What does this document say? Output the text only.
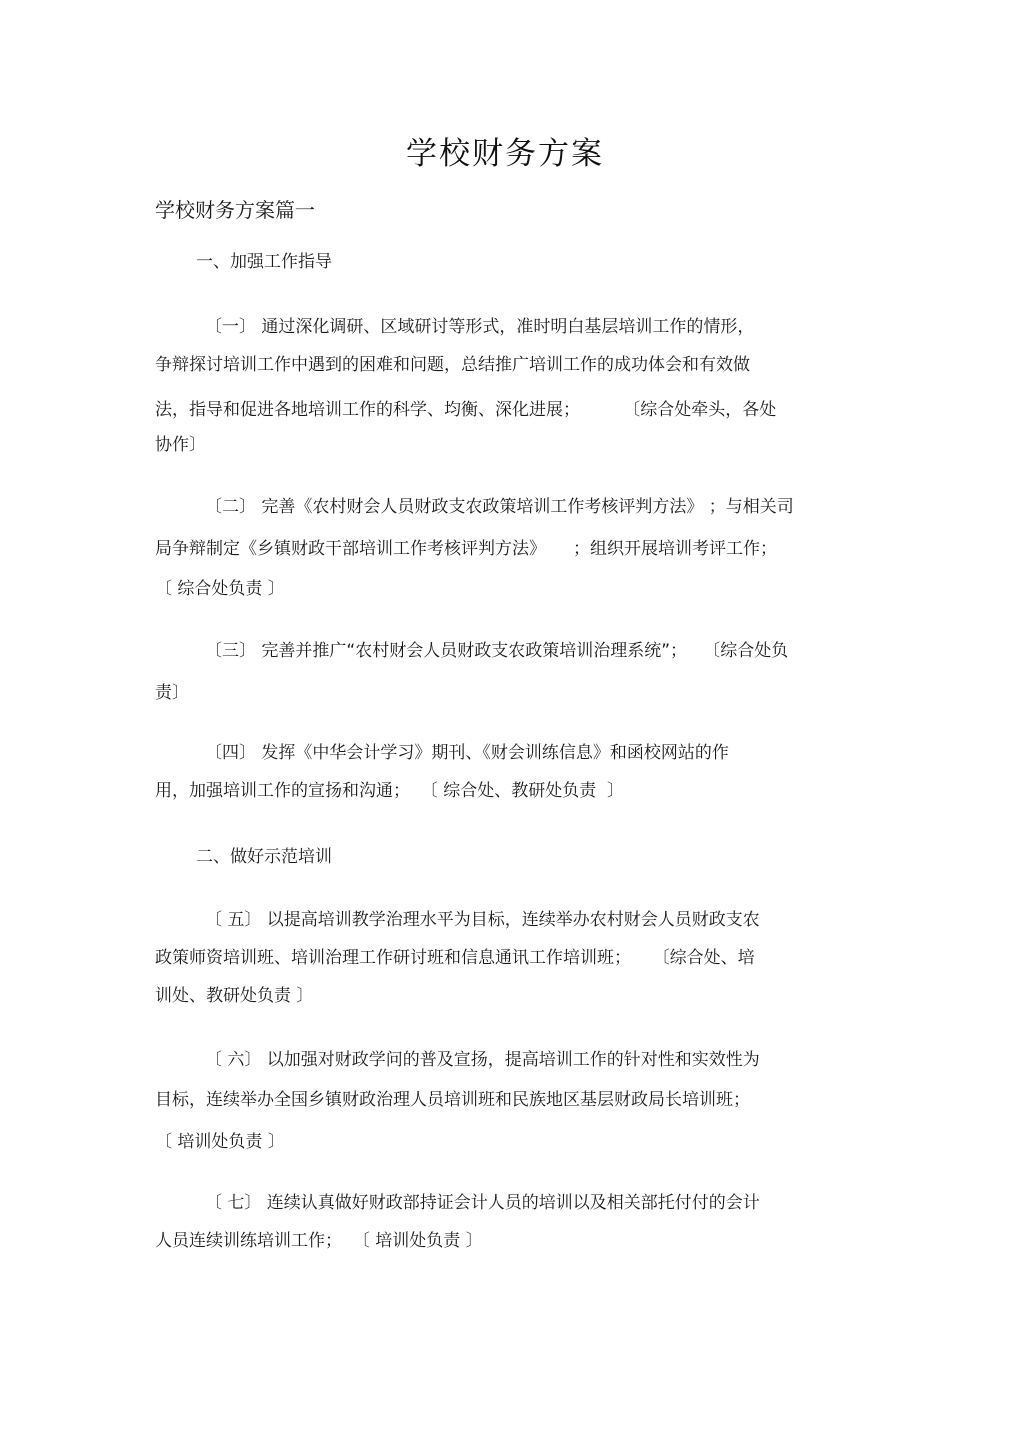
学校财务方案
学校财务方案篇一
一、加强工作指导
〔一〕 通过深化调研、区域研讨等形式，准时明白基层培训工作的情形，
争辩探讨培训工作中遇到的困难和问题，总结推广培训工作的成功体会和有效做
法，指导和促进各地培训工作的科学、均衡、深化进展；        〔综合处牵头，各处
协作〕
〔二〕 完善《农村财会人员财政支农政策培训工作考核评判方法》 ；与相关司
局争辩制定《乡镇财政干部培训工作考核评判方法》     ；组织开展培训考评工作；
〔 综合处负责 〕
〔三〕 完善并推广“农村财会人员财政支农政策培训治理系统”；   〔综合处负
责〕
〔四〕 发挥《中华会计学习》期刊、《财会训练信息》和函校网站的作
用，加强培训工作的宣扬和沟通；  〔 综合处、教研处负责  〕
二、做好示范培训
〔 五〕 以提高培训教学治理水平为目标，连续举办农村财会人员财政支农
政策师资培训班、培训治理工作研讨班和信息通讯工作培训班；    〔综合处、培
训处、教研处负责 〕
〔 六〕 以加强对财政学问的普及宣扬，提高培训工作的针对性和实效性为
目标，连续举办全国乡镇财政治理人员培训班和民族地区基层财政局长培训班；
〔 培训处负责 〕
〔 七〕 连续认真做好财政部持证会计人员的培训以及相关部托付付的会计
人员连续训练培训工作；  〔 培训处负责 〕
